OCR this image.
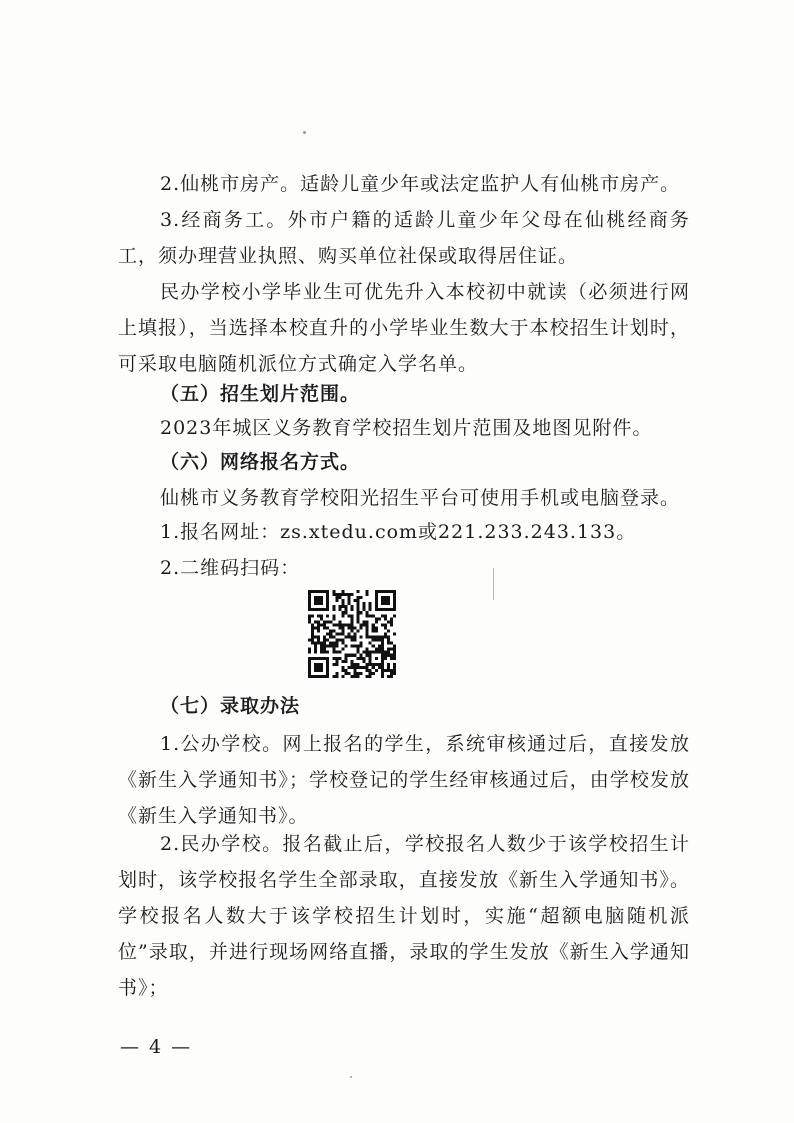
2.仙桃市房产。适龄儿童少年或法定监护人有仙桃市房产。

3.经商务工。外市户籍的适龄儿童少年父母在仙桃经商务工，须办理营业执照、购买单位社保或取得居住证。

民办学校小学毕业生可优先升入本校初中就读（必须进行网上填报），当选择本校直升的小学毕业生数大于本校招生计划时，可采取电脑随机派位方式确定入学名单。

（五）招生划片范围。

2023年城区义务教育学校招生划片范围及地图见附件。

（六）网络报名方式。

仙桃市义务教育学校阳光招生平台可使用手机或电脑登录。

1.报名网址：zs.xtedu.com或221.233.243.133。

2.二维码扫码：

（七）录取办法

1.公办学校。网上报名的学生，系统审核通过后，直接发放《新生入学通知书》；学校登记的学生经审核通过后，由学校发放《新生入学通知书》。

2.民办学校。报名截止后，学校报名人数少于该学校招生计划时，该学校报名学生全部录取，直接发放《新生入学通知书》。学校报名人数大于该学校招生计划时，实施“超额电脑随机派位”录取，并进行现场网络直播，录取的学生发放《新生入学通知书》；

— 4 —
